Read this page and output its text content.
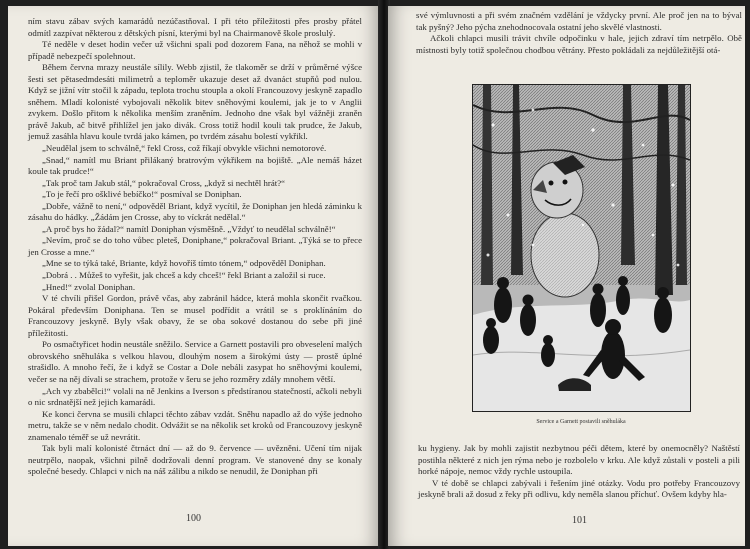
ním stavu zábav svých kamarádů nezúčastňoval. I při této příležitosti přes prosby přátel odmítl zazpívat některou z dětských písní, kterými byl na Chairmanově škole proslulý.

Té neděle v deset hodin večer už všichni spali pod dozorem Fana, na něhož se mohli v případě nebezpečí spolehnout.

Během června mrazy neustále sílily. Webb zjistil, že tlakoměr se drží v průměrné výšce šesti set pětasedmdesáti milimetrů a teploměr ukazuje deset až dvanáct stupňů pod nulou. Když se jižní vítr stočil k západu, teplota trochu stoupla a okolí Francouzovy jeskyně zapadlo sněhem. Mladí kolonisté vybojovali několik bitev sněhovými koulemi, jak je to v Anglii zvykem. Došlo přitom k několika menším zraněním. Jednoho dne však byl vážněji zraněn právě Jakub, ač bitvě přihlížel jen jako divák. Cross totiž hodil kouli tak prudce, že Jakub, jemuž zasáhla hlavu koule tvrdá jako kámen, po tvrdém zásahu bolestí vykřikl.

„Neudělal jsem to schválně,“ řekl Cross, což říkají obvykle všichni nemotorové.

„Snad,“ namítl mu Briant přilákaný bratrovým výkřikem na bojiště. „Ale nemáš házet koule tak prudce!“

„Tak proč tam Jakub stál,“ pokračoval Cross, „když si nechtěl hrát?“

„To je řečí pro ošklivé bebíčko!“ posmíval se Doniphan.

„Dobře, vážně to není,“ odpověděl Briant, když vycítil, že Doniphan jen hledá záminku k zásahu do hádky. „Žádám jen Crosse, aby to víckrát nedělal.“

„A proč bys ho žádal?“ namítl Doniphan výsměšně. „Vždyť to neudělal schválně!“

„Nevím, proč se do toho vůbec pleteš, Doniphane,“ pokračoval Briant. „Týká se to přece jen Crosse a mne.“

„Mne se to týká také, Briante, když hovoříš tímto tónem,“ odpověděl Doniphan.

„Dobrá . . Můžeš to vyřešit, jak chceš a kdy chceš!“ řekl Briant a založil si ruce.

„Hned!“ zvolal Doniphan.

V té chvíli přišel Gordon, právě včas, aby zabránil hádce, která mohla skončit rvačkou. Pokáral především Doniphana. Ten se musel podřídit a vrátil se s proklínáním do Francouzovy jeskyně. Byly však obavy, že se oba sokové dostanou do sebe při jiné příležitosti.

Po osmačtyřicet hodin neustále sněžilo. Service a Garnett postavili pro obveselení malých obrovského sněhuláka s velkou hlavou, dlouhým nosem a širokými ústy — prostě úplné strašidlo. A mnoho řečí, že i když se Costar a Dole nebáli zasypat ho sněhovými koulemi, večer se na něj dívali se strachem, protože v šeru se jeho rozměry zdály mnohem větší.

„Ach vy zbabělci!“ volali na ně Jenkins a Iverson s předstíranou statečností, ačkoli nebyli o nic srdnatější než jejich kamarádi.

Ke konci června se musili chlapci těchto zábav vzdát. Sněhu napadlo až do výše jednoho metru, takže se v něm nedalo chodit. Odvážit se na několik set kroků od Francouzovy jeskyně znamenalo téměř se už nevrátit.

Tak byli malí kolonisté čtrnáct dní — až do 9. července — uvězněni. Učení tím nijak neutrpělo, naopak, všichni pilně dodržovali denní program. Ve stanovené dny se konaly společné besedy. Chlapci v nich na náš zálibu a nikdo se nenudil, že Doniphan při

100

své výmluvnosti a při svém značném vzdělání je vždycky první. Ale proč jen na to býval tak pyšný? Jeho pýcha znehodnocovala ostatní jeho skvělé vlastnosti.

Ačkoli chlapci musili trávit chvíle odpočinku v hale, jejich zdraví tím netrpělo. Obě místnosti byly totiž společnou chodbou větrány. Přesto pokládali za nejdůležitější otá-

Service a Garnett postavili sněhuláka

ku hygieny. Jak by mohli zajistit nezbytnou péči dětem, které by onemocněly? Naštěstí postihla některé z nich jen rýma nebo je rozbolelo v krku. Ale když zůstali v posteli a pili horké nápoje, nemoc vždy rychle ustoupila.

V té době se chlapci zabývali i řešením jiné otázky. Vodu pro potřeby Francouzovy jeskyně brali až dosud z řeky při odlivu, kdy neměla slanou příchuť. Ovšem kdyby hla-

101
